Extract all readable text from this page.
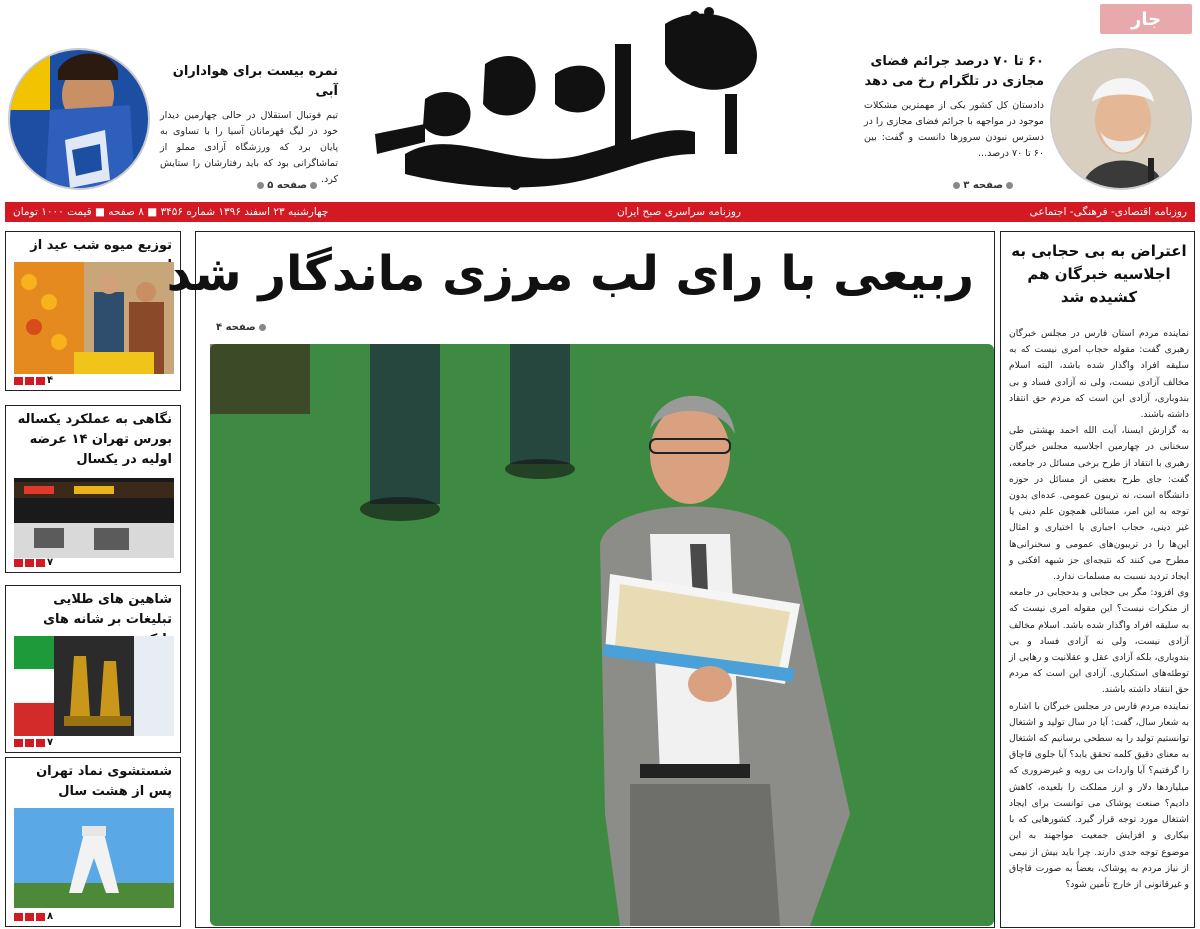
جار
۶۰ تا ۷۰ درصد جرائم فضای مجازی در تلگرام رخ می دهد
دادستان کل کشور یکی از مهمترین مشکلات موجود در مواجهه با جرائم فضای مجازی را در دسترس نبودن سرورها دانست و گفت: بین ۶۰ تا ۷۰ درصد...
صفحه ۳
نمره بیست برای هواداران آبی
تیم فوتبال استقلال در حالی چهارمین دیدار خود در لیگ قهرمانان آسیا را با تساوی به پایان برد که ورزشگاه آزادی مملو از تماشاگرانی بود که باید رفتارشان را ستایش کرد.
صفحه ۵
چهارشنبه ۲۳ اسفند ۱۳۹۶ شماره ۳۴۵۶ ■ ۸ صفحه ■ قیمت ۱۰۰۰ تومان	روزنامه سراسری صبح ایران	روزنامه اقتصادی- فرهنگی- اجتماعی
توزیع میوه شب عید از
۴
نگاهی به عملکرد یکساله بورس تهران ۱۴ عرضه اولیه در یکسال
۷
شاهین های طلایی تبلیغات بر شانه های
۷
شستشوی نماد تهران پس از هشت سال
۸
ربیعی با رای لب مرزی ماندگار شد
صفحه ۴
اعتراض به بی حجابی به اجلاسیه خبرگان هم کشیده شد

نماینده مردم استان فارس در مجلس خبرگان رهبری گفت: مقوله حجاب امری نیست که به سلیقه افراد واگذار شده باشد، البته اسلام مخالف آزادی نیست، ولی نه آزادی فساد و بی بندوباری، آزادی این است که مردم حق انتقاد داشته باشند.

به گزارش ایسنا، آیت الله احمد بهشتی طی سخنانی در چهارمین اجلاسیه مجلس خبرگان رهبری با انتقاد از طرح برخی مسائل در جامعه، گفت: جای طرح بعضی از مسائل در حوزه دانشگاه است، نه تریبون عمومی. عده‌ای بدون توجه به این امر، مسائلی همچون علم دینی یا غیر دینی، حجاب اجباری یا اختیاری و امثال این‌ها را در تریبون‌های عمومی و سخنرانی‌ها مطرح می کنند که نتیجه‌ای جز شبهه افکنی و ایجاد تردید نسبت به مسلمات ندارد.

وی افزود: مگر بی حجابی و بدحجابی در جامعه از منکرات نیست؟ این مقوله امری نیست که به سلیقه افراد واگذار شده باشد. اسلام مخالف آزادی نیست، ولی نه آزادی فساد و بی بندوباری، بلکه آزادی عقل و عقلانیت و رهایی از توطئه‌های استکباری. آزادی این است که مردم حق انتقاد داشته باشند.

نماینده مردم فارس در مجلس خبرگان با اشاره به شعار سال، گفت: آیا در سال تولید و اشتغال توانستیم تولید را به سطحی برسانیم که اشتغال به معنای دقیق کلمه تحقق یابد؟ آیا جلوی قاچاق را گرفتیم؟ آیا واردات بی رویه و غیرضروری که میلیاردها دلار و ارز مملکت را بلعیده، کاهش دادیم؟ صنعت پوشاک می توانست برای ایجاد اشتغال مورد توجه قرار گیرد. کشورهایی که با بیکاری و افزایش جمعیت مواجهند به این موضوع توجه جدی دارند. چرا باید بیش از نیمی از نیاز مردم به پوشاک، بعضاً به صورت قاچاق و غیرقانونی از خارج تأمین شود؟
